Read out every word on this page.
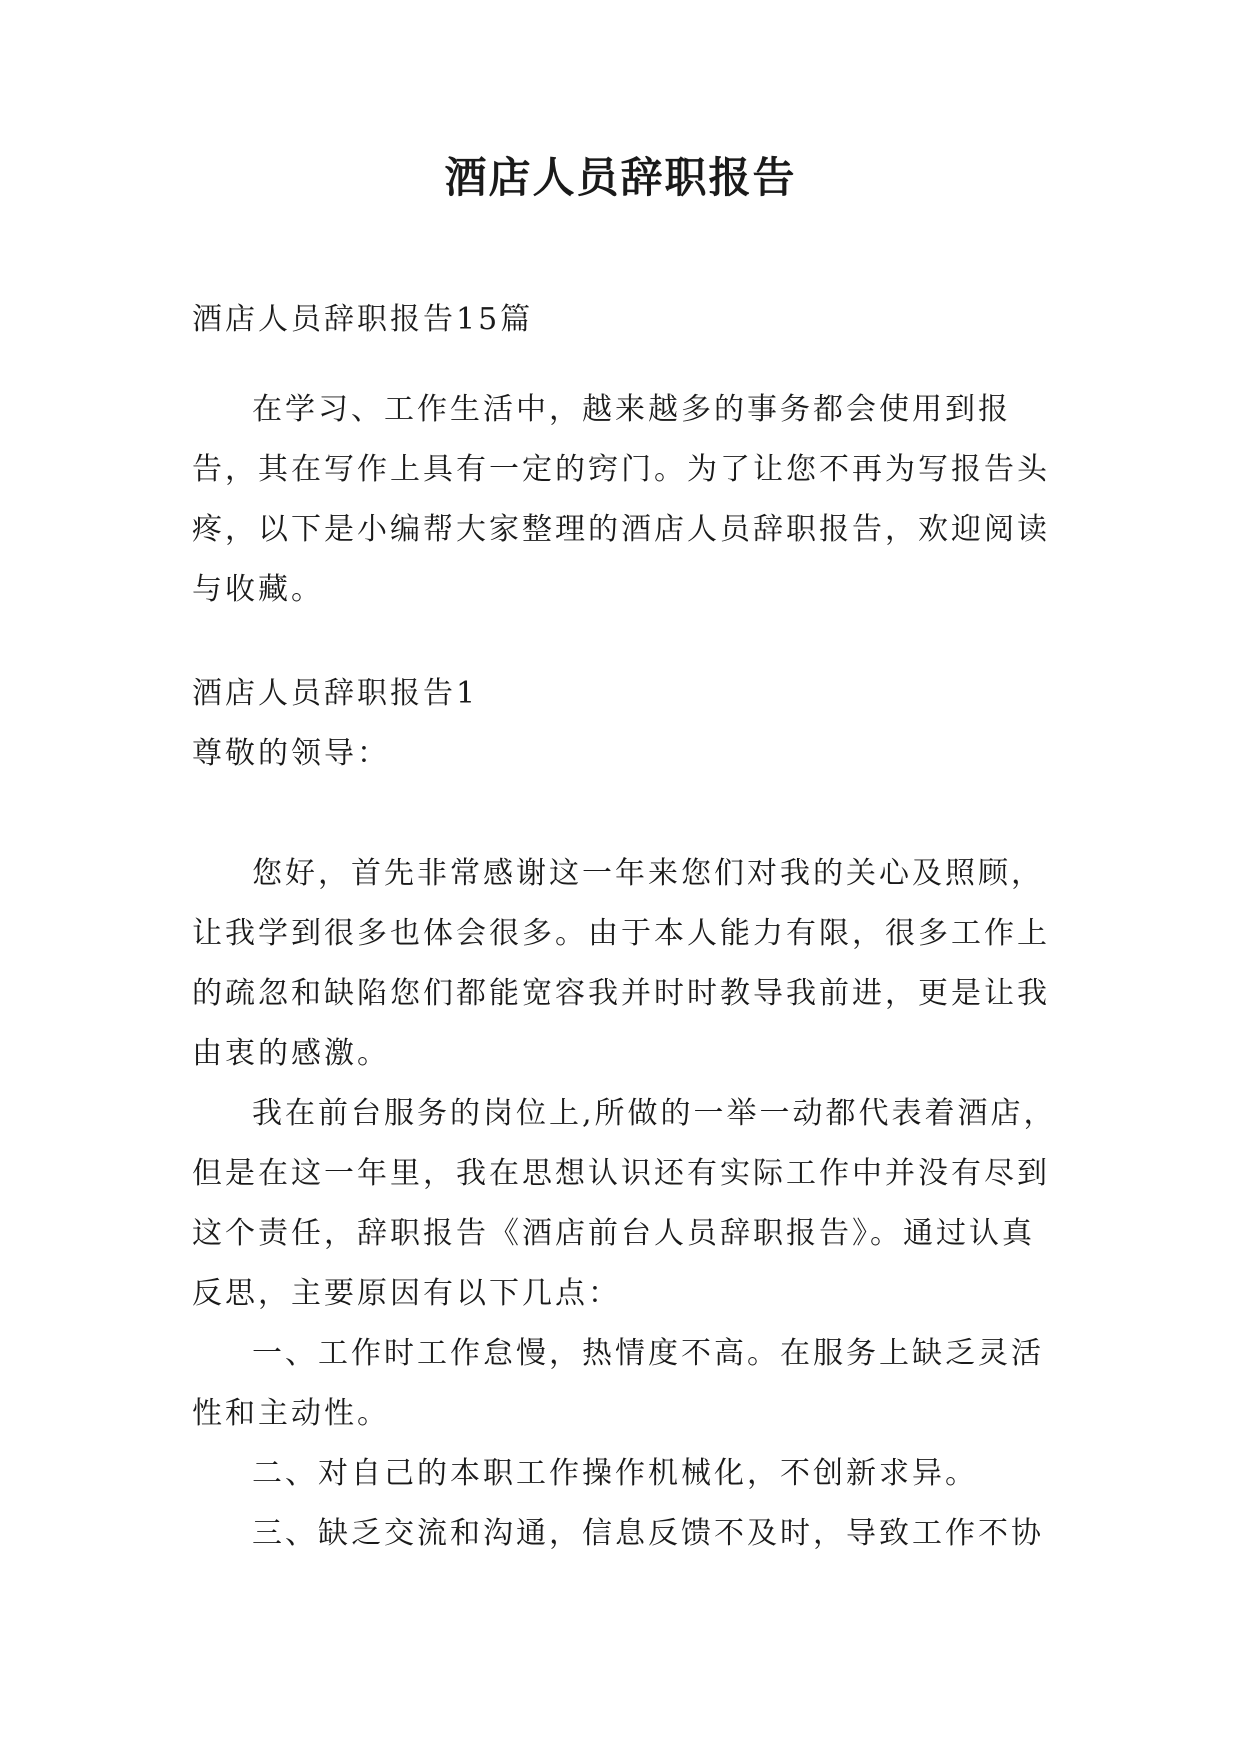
酒店人员辞职报告

酒店人员辞职报告15篇

在学习、工作生活中，越来越多的事务都会使用到报告，其在写作上具有一定的窍门。为了让您不再为写报告头疼，以下是小编帮大家整理的酒店人员辞职报告，欢迎阅读与收藏。

酒店人员辞职报告1

尊敬的领导：

您好，首先非常感谢这一年来您们对我的关心及照顾，让我学到很多也体会很多。由于本人能力有限，很多工作上的疏忽和缺陷您们都能宽容我并时时教导我前进，更是让我由衷的感激。

我在前台服务的岗位上,所做的一举一动都代表着酒店，但是在这一年里，我在思想认识还有实际工作中并没有尽到这个责任，辞职报告《酒店前台人员辞职报告》。通过认真反思，主要原因有以下几点：

一、工作时工作怠慢，热情度不高。在服务上缺乏灵活性和主动性。

二、对自己的本职工作操作机械化，不创新求异。

三、缺乏交流和沟通，信息反馈不及时，导致工作不协
